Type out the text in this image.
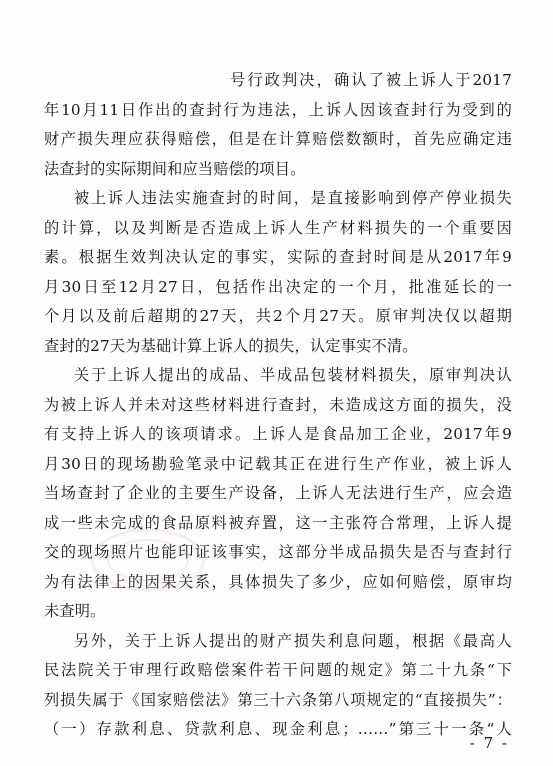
号行政判决，确认了被上诉人于2017
年10月11日作出的查封行为违法，上诉人因该查封行为受到的
财产损失理应获得赔偿，但是在计算赔偿数额时，首先应确定违
法查封的实际期间和应当赔偿的项目。
被上诉人违法实施查封的时间，是直接影响到停产停业损失
的计算，以及判断是否造成上诉人生产材料损失的一个重要因
素。根据生效判决认定的事实，实际的查封时间是从2017年9
月30日至12月27日，包括作出决定的一个月，批准延长的一
个月以及前后超期的27天，共2个月27天。原审判决仅以超期
查封的27天为基础计算上诉人的损失，认定事实不清。
关于上诉人提出的成品、半成品包装材料损失，原审判决认
为被上诉人并未对这些材料进行查封，未造成这方面的损失，没
有支持上诉人的该项请求。上诉人是食品加工企业，2017年9
月30日的现场勘验笔录中记载其正在进行生产作业，被上诉人
当场查封了企业的主要生产设备，上诉人无法进行生产，应会造
成一些未完成的食品原料被弃置，这一主张符合常理，上诉人提
交的现场照片也能印证该事实，这部分半成品损失是否与查封行
为有法律上的因果关系，具体损失了多少，应如何赔偿，原审均
未查明。
另外，关于上诉人提出的财产损失利息问题，根据《最高人
民法院关于审理行政赔偿案件若干问题的规定》第二十九条“下
列损失属于《国家赔偿法》第三十六条第八项规定的“直接损失”：
（一）存款利息、贷款利息、现金利息；……”第三十一条“人
- 7 -
